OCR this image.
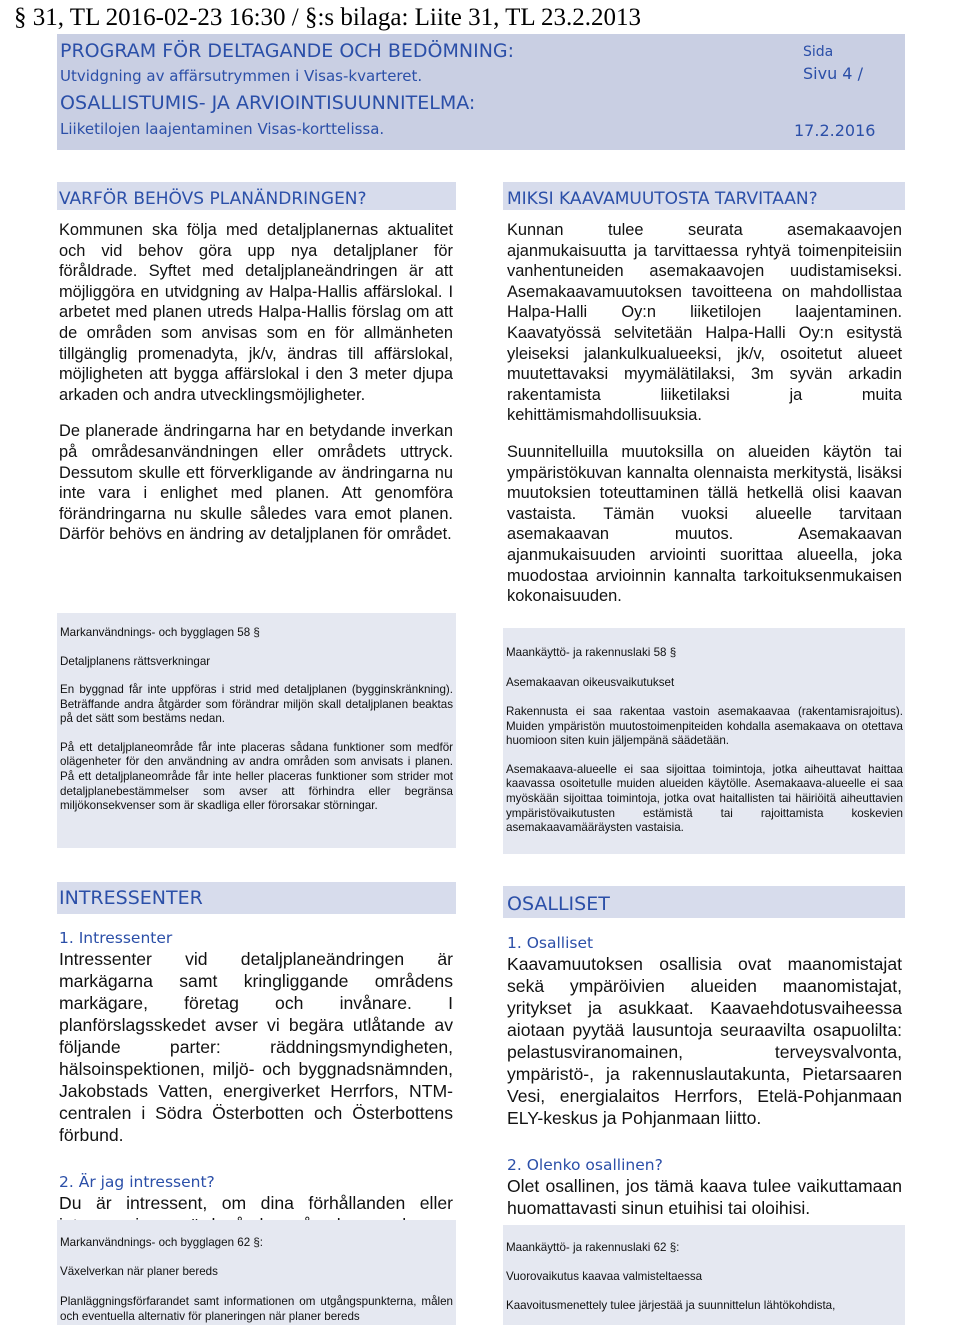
§ 31, TL 2016-02-23 16:30 / §:s bilaga: Liite 31, TL 23.2.2013
PROGRAM FÖR DELTAGANDE OCH BEDÖMNING:
Utvidgning av affärsutrymmen i Visas-kvarteret.
OSALLISTUMIS- JA ARVIOINTISUUNNITELMA:
Liiketilojen laajentaminen Visas-korttelissa.
Sida
Sivu 4 /
17.2.2016
VARFÖR BEHÖVS PLANÄNDRINGEN?

Kommunen ska följa med detaljplanernas aktualitet och vid behov göra upp nya detaljplaner för föråldrade. Syftet med detaljplaneändringen är att möjliggöra en utvidgning av Halpa-Hallis affärslokal. I arbetet med planen utreds Halpa-Hallis förslag om att de områden som anvisas som en för allmänheten tillgänglig promenadyta, jk/v, ändras till affärslokal, möjligheten att bygga affärslokal i den 3 meter djupa arkaden och andra utvecklingsmöjligheter.

De planerade ändringarna har en betydande inverkan på områdesanvändningen eller områdets uttryck. Dessutom skulle ett förverkligande av ändringarna nu inte vara i enlighet med planen. Att genomföra förändringarna nu skulle således vara emot planen. Därför behövs en ändring av detaljplanen för området.

MIKSI KAAVAMUUTOSTA TARVITAAN?

Kunnan tulee seurata asemakaavojen ajanmukaisuutta ja tarvittaessa ryhtyä toimenpiteisiin vanhentuneiden asemakaavojen uudistamiseksi. Asemakaavamuutoksen tavoitteena on mahdollistaa Halpa-Halli Oy:n liiketilojen laajentaminen. Kaavatyössä selvitetään Halpa-Halli Oy:n esitystä yleiseksi jalankulkualueeksi, jk/v, osoitetut alueet muutettavaksi myymälätilaksi, 3m syvän arkadin rakentamista liiketilaksi ja muita kehittämismahdollisuuksia.

Suunnitelluilla muutoksilla on alueiden käytön tai ympäristökuvan kannalta olennaista merkitystä, lisäksi muutoksien toteuttaminen tällä hetkellä olisi kaavan vastaista. Tämän vuoksi alueelle tarvitaan asemakaavan muutos. Asemakaavan ajanmukaisuuden arviointi suorittaa alueella, joka muodostaa arvioinnin kannalta tarkoituksenmukaisen kokonaisuuden.

Markanvändnings- och bygglagen 58 §
Detaljplanens rättsverkningar

En byggnad får inte uppföras i strid med detaljplanen (bygginskränkning). Beträffande andra åtgärder som förändrar miljön skall detaljplanen beaktas på det sätt som bestäms nedan.

På ett detaljplaneområde får inte placeras sådana funktioner som medför olägenheter för den användning av andra områden som anvisats i planen. På ett detaljplaneområde får inte heller placeras funktioner som strider mot detaljplanebestämmelser som avser att förhindra eller begränsa miljökonsekvenser som är skadliga eller förorsakar störningar.

Maankäyttö- ja rakennuslaki 58 §
Asemakaavan oikeusvaikutukset

Rakennusta ei saa rakentaa vastoin asemakaavaa (rakentamisrajoitus). Muiden ympäristön muutostoimenpiteiden kohdalla asemakaava on otettava huomioon siten kuin jäljempänä säädetään.

Asemakaava-alueelle ei saa sijoittaa toimintoja, jotka aiheuttavat haittaa kaavassa osoitetulle muiden alueiden käytölle. Asemakaava-alueelle ei saa myöskään sijoittaa toimintoja, jotka ovat haitallisten tai häiriöitä aiheuttavien ympäristövaikutusten estämistä tai rajoittamista koskevien asemakaavamääräysten vastaisia.

INTRESSENTER
1. Intressenter

Intressenter vid detaljplaneändringen är markägarna samt kringliggande områdens markägare, företag och invånare. I planförslagsskedet avser vi begära utlåtande av följande parter: räddningsmyndigheten, hälsoinspektionen, miljö- och byggnadsnämnden, Jakobstads Vatten, energiverket Herrfors, NTM-centralen i Södra Österbotten och Österbottens förbund.

2. Är jag intressent?

Du är intressent, om dina förhållanden eller

OSALLISET
1. Osalliset

Kaavamuutoksen osallisia ovat maanomistajat sekä ympäröivien alueiden maanomistajat, yritykset ja asukkaat. Kaavaehdotusvaiheessa aiotaan pyytää lausuntoja seuraavilta osapuolilta: pelastusviranomainen, terveysvalvonta, ympäristö-, ja rakennuslautakunta, Pietarsaaren Vesi, energialaitos Herrfors, Etelä-Pohjanmaan ELY-keskus ja Pohjanmaan liitto.

2. Olenko osallinen?

Olet osallinen, jos tämä kaava tulee vaikuttamaan huomattavasti sinun etuihisi tai oloihisi.

Markanvändnings- och bygglagen 62 §:
Växelverkan när planer bereds
Planläggningsförfarandet samt informationen om utgångspunkterna, målen och eventuella alternativ för planeringen när planer bereds
Maankäyttö- ja rakennuslaki 62 §:
Vuorovaikutus kaavaa valmisteltaessa
Kaavoitusmenettely tulee järjestää ja suunnittelun lähtökohdista,
